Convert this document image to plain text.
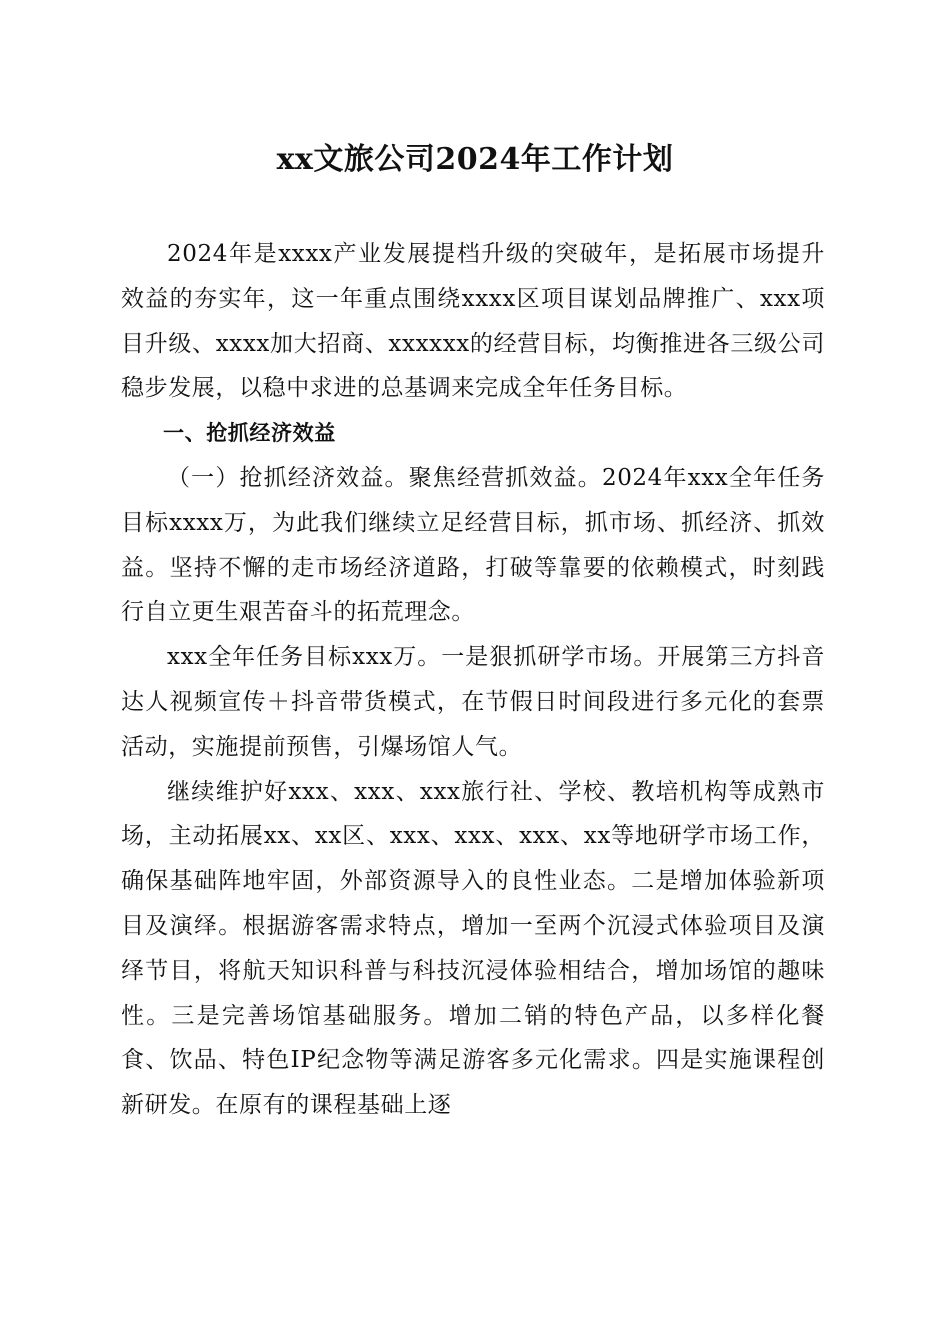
xx文旅公司2024年工作计划

2024年是xxxx产业发展提档升级的突破年，是拓展市场提升效益的夯实年，这一年重点围绕xxxx区项目谋划品牌推广、xxx项目升级、xxxx加大招商、xxxxxx的经营目标，均衡推进各三级公司稳步发展，以稳中求进的总基调来完成全年任务目标。

一、抢抓经济效益

（一）抢抓经济效益。聚焦经营抓效益。2024年xxx全年任务目标xxxx万，为此我们继续立足经营目标，抓市场、抓经济、抓效益。坚持不懈的走市场经济道路，打破等靠要的依赖模式，时刻践行自立更生艰苦奋斗的拓荒理念。

xxx全年任务目标xxx万。一是狠抓研学市场。开展第三方抖音达人视频宣传＋抖音带货模式，在节假日时间段进行多元化的套票活动，实施提前预售，引爆场馆人气。

继续维护好xxx、xxx、xxx旅行社、学校、教培机构等成熟市场，主动拓展xx、xx区、xxx、xxx、xxx、xx等地研学市场工作，确保基础阵地牢固，外部资源导入的良性业态。二是增加体验新项目及演绎。根据游客需求特点，增加一至两个沉浸式体验项目及演绎节目，将航天知识科普与科技沉浸体验相结合，增加场馆的趣味性。三是完善场馆基础服务。增加二销的特色产品，以多样化餐食、饮品、特色IP纪念物等满足游客多元化需求。四是实施课程创新研发。在原有的课程基础上逐
